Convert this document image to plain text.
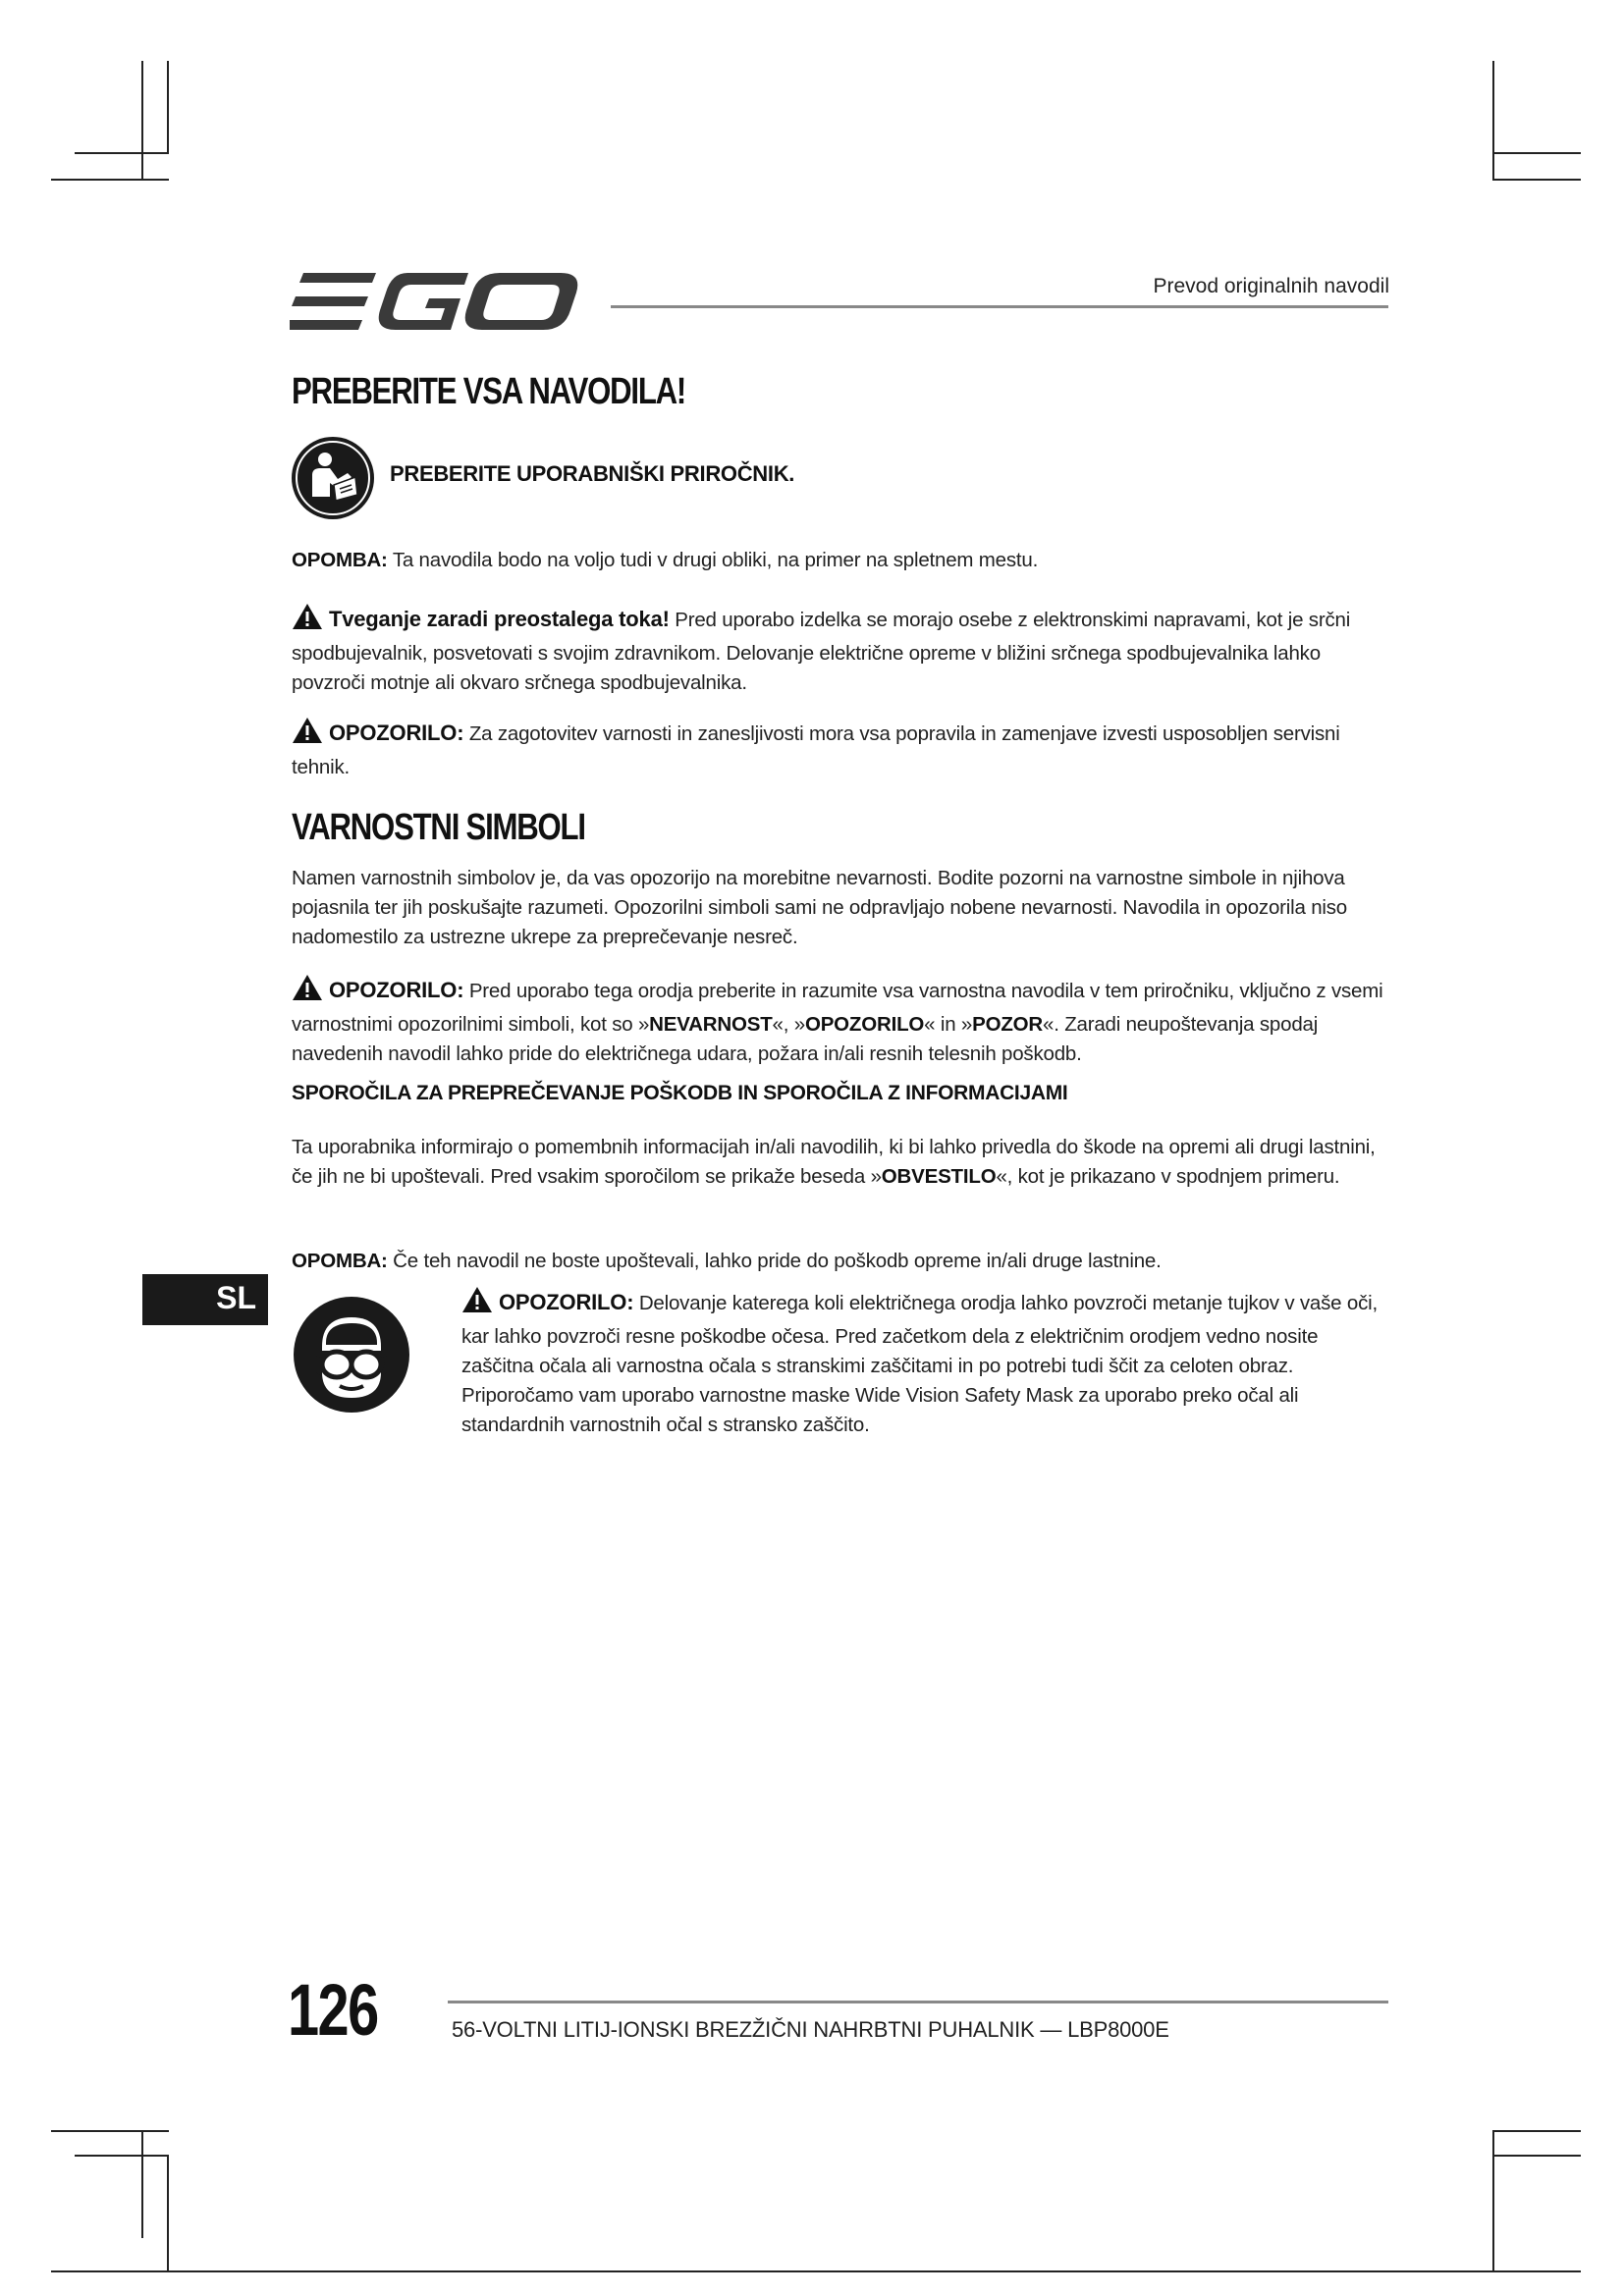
Prevod originalnih navodil
PREBERITE VSA NAVODILA!
PREBERITE UPORABNIŠKI PRIROČNIK.
OPOMBA: Ta navodila bodo na voljo tudi v drugi obliki, na primer na spletnem mestu.
Tveganje zaradi preostalega toka! Pred uporabo izdelka se morajo osebe z elektronskimi napravami, kot je srčni spodbujevalnik, posvetovati s svojim zdravnikom. Delovanje električne opreme v bližini srčnega spodbujevalnika lahko povzroči motnje ali okvaro srčnega spodbujevalnika.
OPOZORILO: Za zagotovitev varnosti in zanesljivosti mora vsa popravila in zamenjave izvesti usposobljen servisni tehnik.
VARNOSTNI SIMBOLI
Namen varnostnih simbolov je, da vas opozorijo na morebitne nevarnosti. Bodite pozorni na varnostne simbole in njihova pojasnila ter jih poskušajte razumeti. Opozorilni simboli sami ne odpravljajo nobene nevarnosti. Navodila in opozorila niso nadomestilo za ustrezne ukrepe za preprečevanje nesreč.
OPOZORILO: Pred uporabo tega orodja preberite in razumite vsa varnostna navodila v tem priročniku, vključno z vsemi varnostnimi opozorilnimi simboli, kot so »NEVARNOST«, »OPOZORILO« in »POZOR«. Zaradi neupoštevanja spodaj navedenih navodil lahko pride do električnega udara, požara in/ali resnih telesnih poškodb.
SPOROČILA ZA PREPREČEVANJE POŠKODB IN SPOROČILA Z INFORMACIJAMI
Ta uporabnika informirajo o pomembnih informacijah in/ali navodilih, ki bi lahko privedla do škode na opremi ali drugi lastnini, če jih ne bi upoštevali. Pred vsakim sporočilom se prikaže beseda »OBVESTILO«, kot je prikazano v spodnjem primeru.
OPOMBA: Če teh navodil ne boste upoštevali, lahko pride do poškodb opreme in/ali druge lastnine.
SL	OPOZORILO: Delovanje katerega koli električnega orodja lahko povzroči metanje tujkov v vaše oči, kar lahko povzroči resne poškodbe očesa. Pred začetkom dela z električnim orodjem vedno nosite zaščitna očala ali varnostna očala s stranskimi zaščitami in po potrebi tudi ščit za celoten obraz. Priporočamo vam uporabo varnostne maske Wide Vision Safety Mask za uporabo preko očal ali standardnih varnostnih očal s stransko zaščito.
126	56-VOLTNI LITIJ-IONSKI BREZŽIČNI NAHRBTNI PUHALNIK — LBP8000E
